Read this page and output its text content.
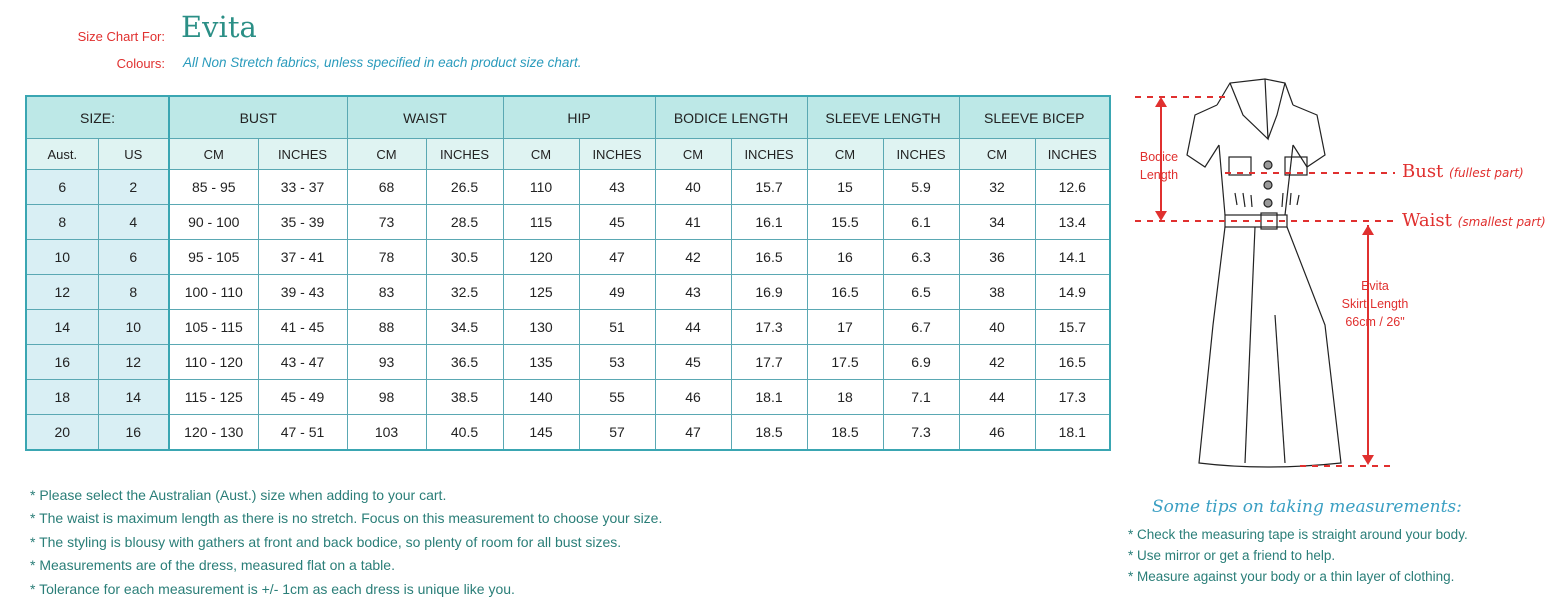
Size Chart For: Evita
Colours: All Non Stretch fabrics, unless specified in each product size chart.
SIZE:		BUST		WAIST		HIP		BODICE LENGTH		SLEEVE LENGTH		SLEEVE BICEP	
Aust.	US	CM	INCHES	CM	INCHES	CM	INCHES	CM	INCHES	CM	INCHES	CM	INCHES
6	2	85 - 95	33 - 37	68	26.5	110	43	40	15.7	15	5.9	32	12.6
8	4	90 - 100	35 - 39	73	28.5	115	45	41	16.1	15.5	6.1	34	13.4
10	6	95 - 105	37 - 41	78	30.5	120	47	42	16.5	16	6.3	36	14.1
12	8	100 - 110	39 - 43	83	32.5	125	49	43	16.9	16.5	6.5	38	14.9
14	10	105 - 115	41 - 45	88	34.5	130	51	44	17.3	17	6.7	40	15.7
16	12	110 - 120	43 - 47	93	36.5	135	53	45	17.7	17.5	6.9	42	16.5
18	14	115 - 125	45 - 49	98	38.5	140	55	46	18.1	18	7.1	44	17.3
20	16	120 - 130	47 - 51	103	40.5	145	57	47	18.5	18.5	7.3	46	18.1
* Please select the Australian (Aust.) size when adding to your cart.
* The waist is maximum length as there is no stretch. Focus on this measurement to choose your size.
* The styling is blousy with gathers at front and back bodice, so plenty of room for all bust sizes.
* Measurements are of the dress, measured flat on a table.
* Tolerance for each measurement is +/- 1cm as each dress is unique like you.
Bodice
Length	Bust (fullest part)
Waist (smallest part)
Evita
Skirt Length
66cm / 26"
Some tips on taking measurements:
* Check the measuring tape is straight around your body.
* Use mirror or get a friend to help.
* Measure against your body or a thin layer of clothing.
